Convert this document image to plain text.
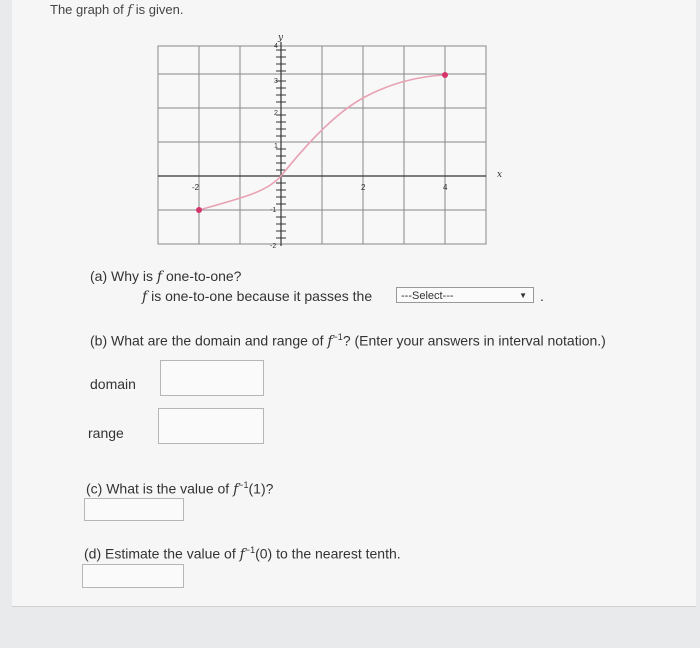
The graph of f is given.
y
x
-2	2	4
4
3
2
1
-1
-2
(a) Why is f one-to-one?
f is one-to-one because it passes the	---Select---	▼ .
(b) What are the domain and range of $f^{-1}$? (Enter your answers in interval notation.)
domain
range
(c) What is the value of $f^{-1}(1)$?
(d) Estimate the value of $f^{-1}(0)$ to the nearest tenth.
